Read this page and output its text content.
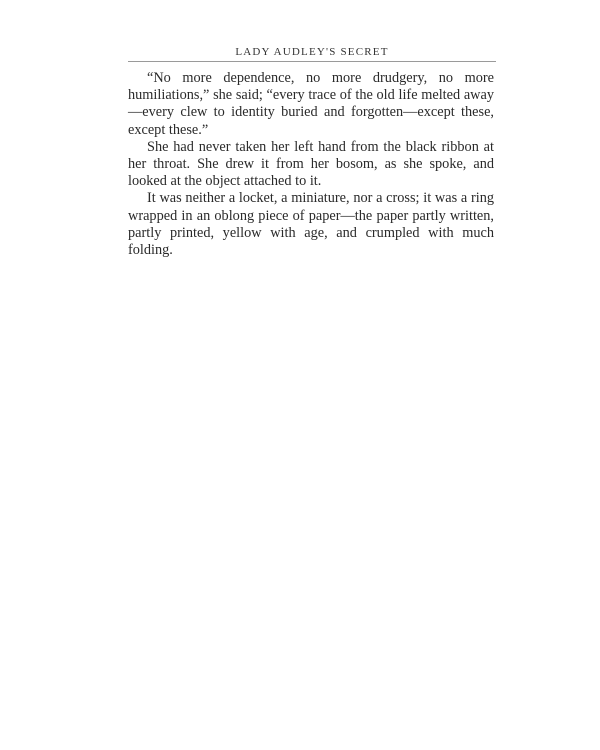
LADY AUDLEY'S SECRET

“No more dependence, no more drudgery, no more humiliations,” she said; “every trace of the old life melted away—every clew to identity buried and forgotten—except these, except these.”

She had never taken her left hand from the black ribbon at her throat. She drew it from her bosom, as she spoke, and looked at the object attached to it.

It was neither a locket, a miniature, nor a cross; it was a ring wrapped in an oblong piece of paper—the paper partly written, partly printed, yellow with age, and crumpled with much folding.
